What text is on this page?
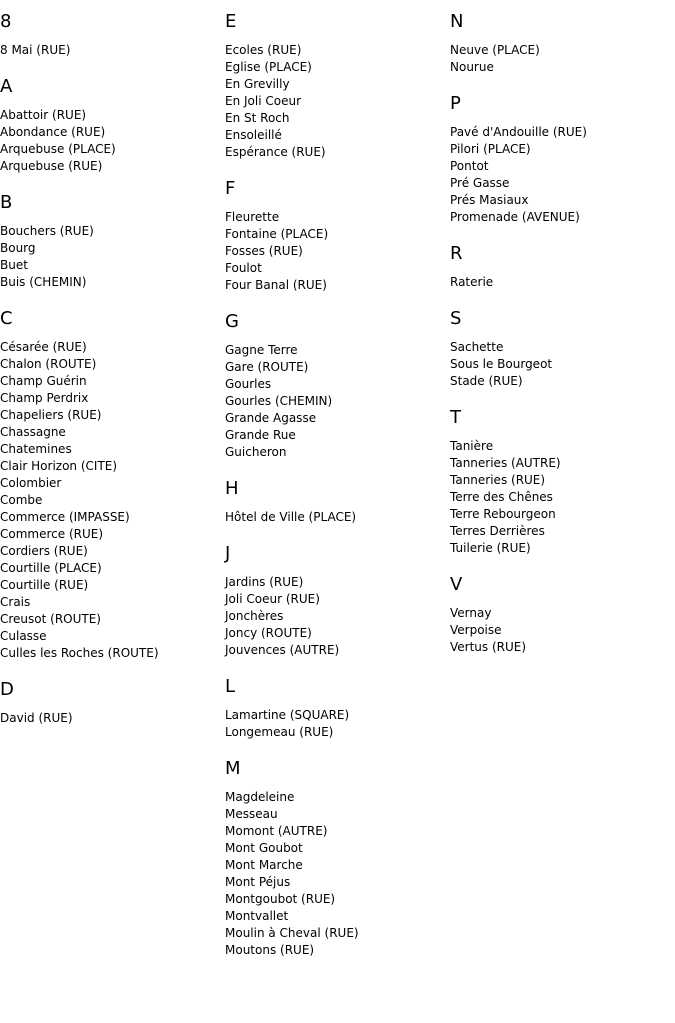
8
8 Mai (RUE)
A
Abattoir (RUE)
Abondance (RUE)
Arquebuse (PLACE)
Arquebuse (RUE)
B
Bouchers (RUE)
Bourg
Buet
Buis (CHEMIN)
C
Césarée (RUE)
Chalon (ROUTE)
Champ Guérin
Champ Perdrix
Chapeliers (RUE)
Chassagne
Chatemines
Clair Horizon (CITE)
Colombier
Combe
Commerce (IMPASSE)
Commerce (RUE)
Cordiers (RUE)
Courtille (PLACE)
Courtille (RUE)
Crais
Creusot (ROUTE)
Culasse
Culles les Roches (ROUTE)
D
David (RUE)
E
Ecoles (RUE)
Eglise (PLACE)
En Grevilly
En Joli Coeur
En St Roch
Ensoleillé
Espérance (RUE)
F
Fleurette
Fontaine (PLACE)
Fosses (RUE)
Foulot
Four Banal (RUE)
G
Gagne Terre
Gare (ROUTE)
Gourles
Gourles (CHEMIN)
Grande Agasse
Grande Rue
Guicheron
H
Hôtel de Ville (PLACE)
J
Jardins (RUE)
Joli Coeur (RUE)
Jonchères
Joncy (ROUTE)
Jouvences (AUTRE)
L
Lamartine (SQUARE)
Longemeau (RUE)
M
Magdeleine
Messeau
Momont (AUTRE)
Mont Goubot
Mont Marche
Mont Péjus
Montgoubot (RUE)
Montvallet
Moulin à Cheval (RUE)
Moutons (RUE)
N
Neuve (PLACE)
Nourue
P
Pavé d'Andouille (RUE)
Pilori (PLACE)
Pontot
Pré Gasse
Prés Masiaux
Promenade (AVENUE)
R
Raterie
S
Sachette
Sous le Bourgeot
Stade (RUE)
T
Tanière
Tanneries (AUTRE)
Tanneries (RUE)
Terre des Chênes
Terre Rebourgeon
Terres Derrières
Tuilerie (RUE)
V
Vernay
Verpoise
Vertus (RUE)
